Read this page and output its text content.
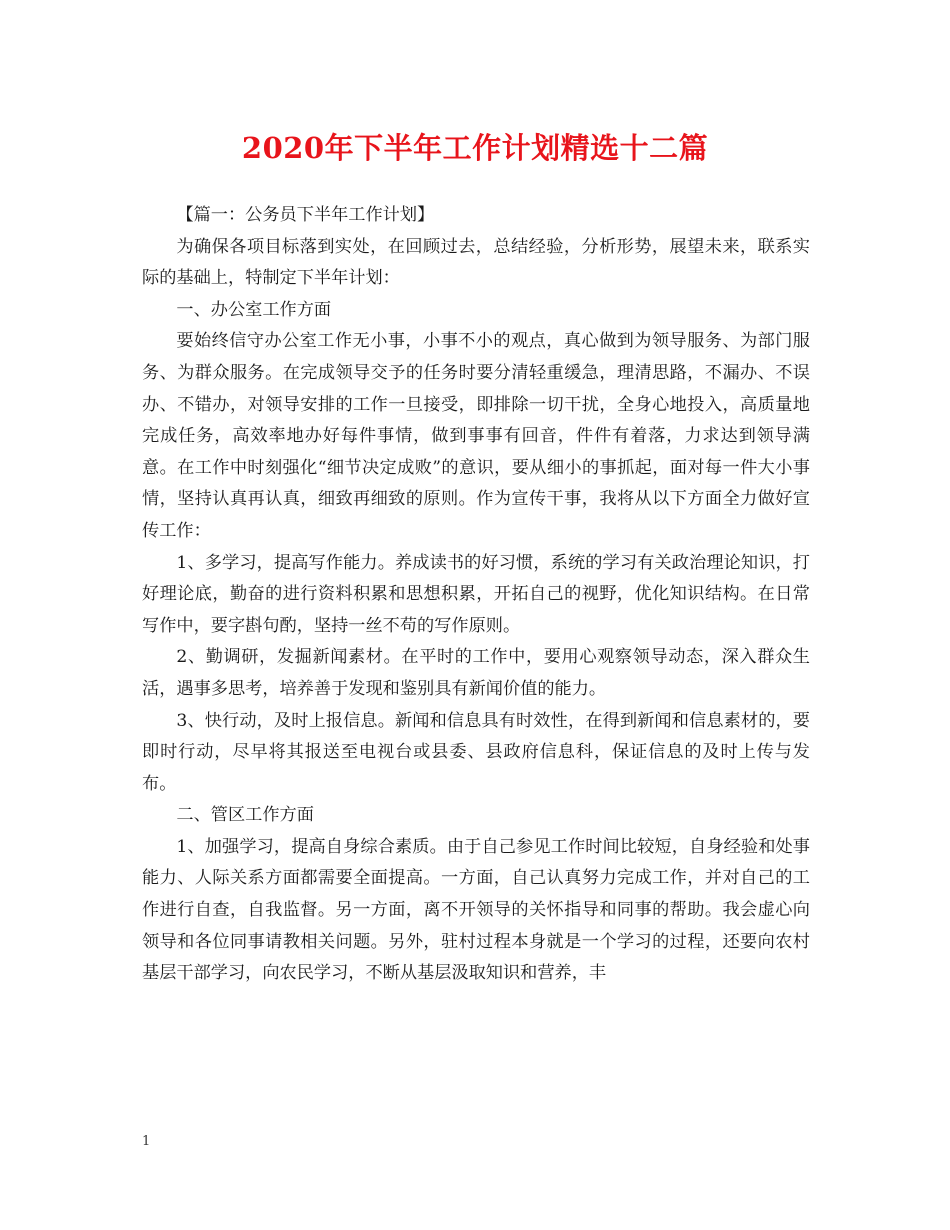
2020年下半年工作计划精选十二篇

【篇一：公务员下半年工作计划】

为确保各项目标落到实处，在回顾过去，总结经验，分析形势，展望未来，联系实际的基础上，特制定下半年计划：

一、办公室工作方面

要始终信守办公室工作无小事，小事不小的观点，真心做到为领导服务、为部门服务、为群众服务。在完成领导交予的任务时要分清轻重缓急，理清思路，不漏办、不误办、不错办，对领导安排的工作一旦接受，即排除一切干扰，全身心地投入，高质量地完成任务，高效率地办好每件事情，做到事事有回音，件件有着落，力求达到领导满意。在工作中时刻强化“细节决定成败”的意识，要从细小的事抓起，面对每一件大小事情，坚持认真再认真，细致再细致的原则。作为宣传干事，我将从以下方面全力做好宣传工作：

1、多学习，提高写作能力。养成读书的好习惯，系统的学习有关政治理论知识，打好理论底，勤奋的进行资料积累和思想积累，开拓自己的视野，优化知识结构。在日常写作中，要字斟句酌，坚持一丝不苟的写作原则。

2、勤调研，发掘新闻素材。在平时的工作中，要用心观察领导动态，深入群众生活，遇事多思考，培养善于发现和鉴别具有新闻价值的能力。

3、快行动，及时上报信息。新闻和信息具有时效性，在得到新闻和信息素材的，要即时行动，尽早将其报送至电视台或县委、县政府信息科，保证信息的及时上传与发布。

二、管区工作方面

1、加强学习，提高自身综合素质。由于自己参见工作时间比较短，自身经验和处事能力、人际关系方面都需要全面提高。一方面，自己认真努力完成工作，并对自己的工作进行自查，自我监督。另一方面，离不开领导的关怀指导和同事的帮助。我会虚心向领导和各位同事请教相关问题。另外，驻村过程本身就是一个学习的过程，还要向农村基层干部学习，向农民学习，不断从基层汲取知识和营养，丰

1
